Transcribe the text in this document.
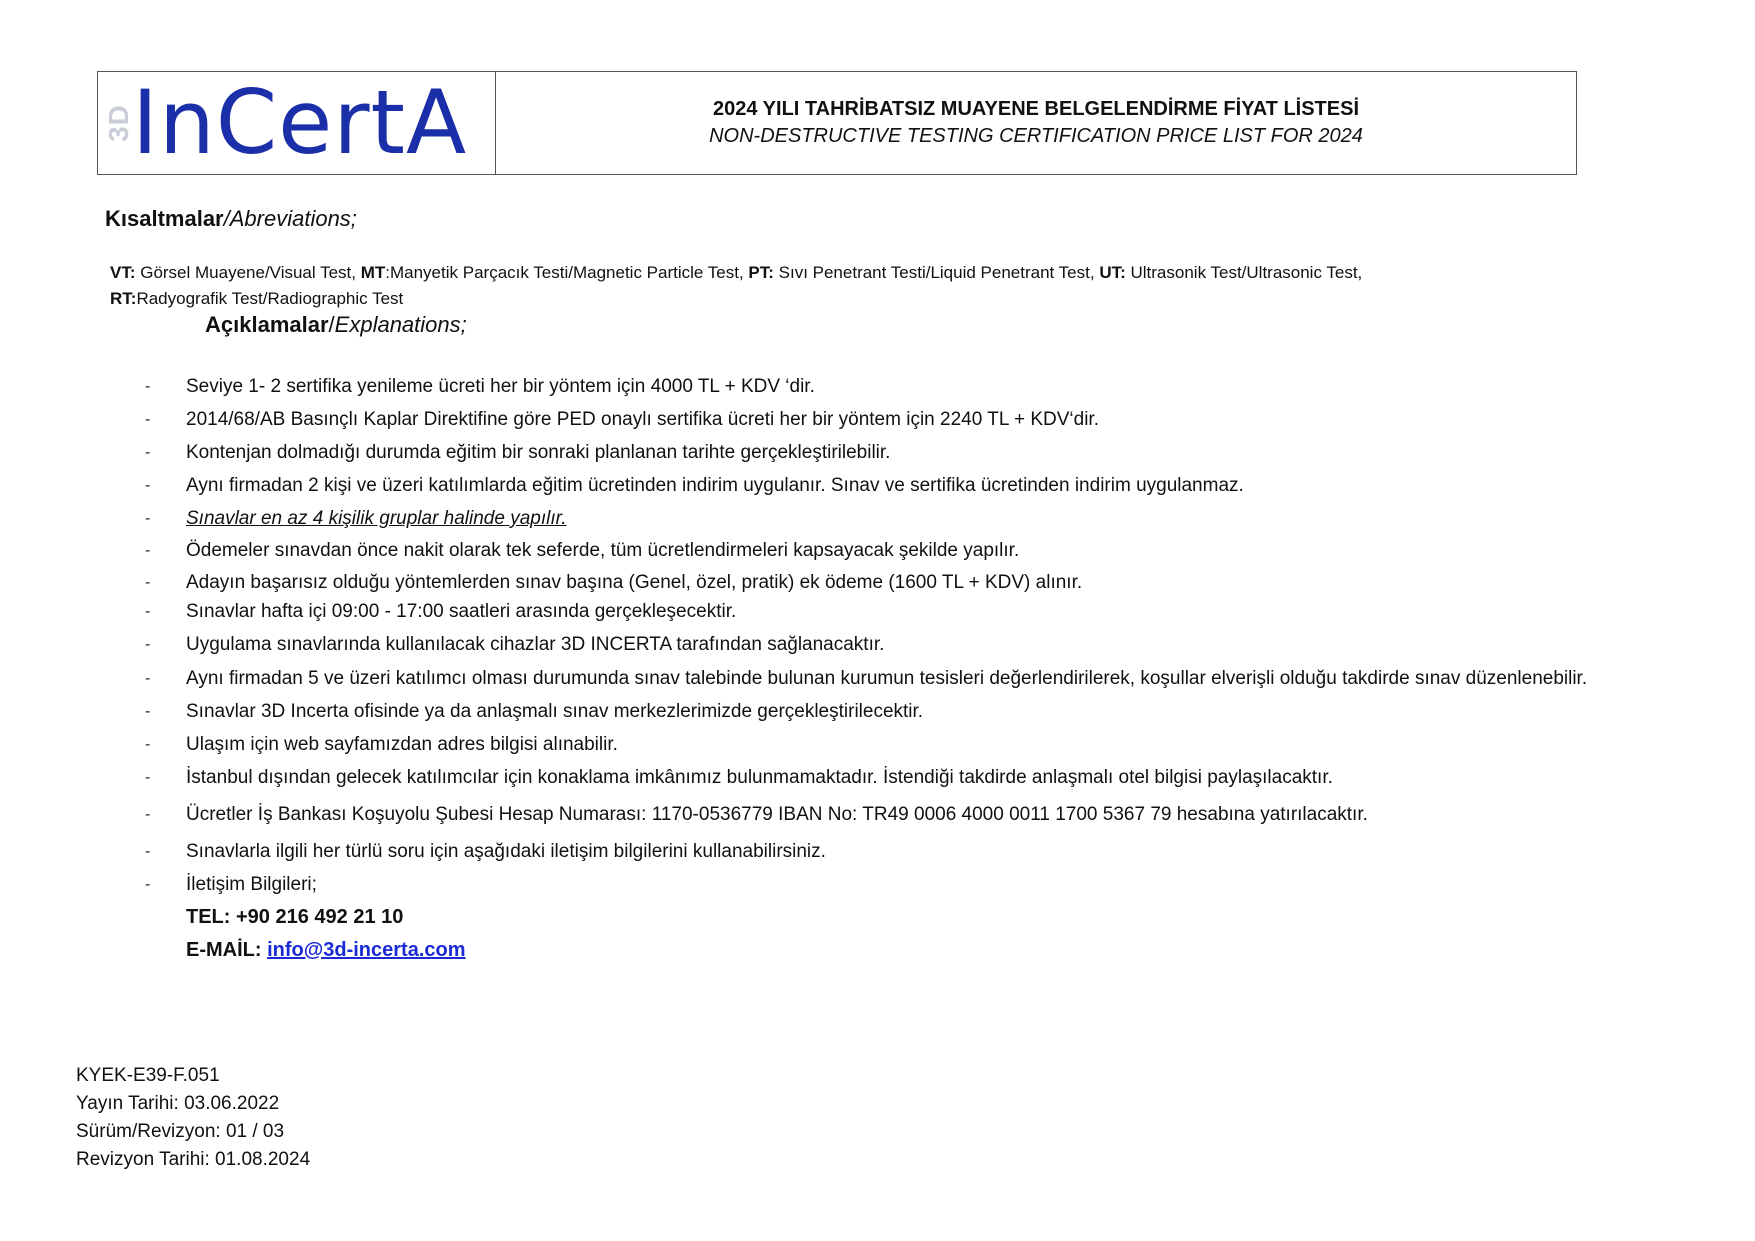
3D
InCertA	2024 YILI TAHRİBATSIZ MUAYENE BELGELENDİRME FİYAT LİSTESİ
NON-DESTRUCTIVE TESTING CERTIFICATION PRICE LIST FOR 2024
Kısaltmalar/Abreviations;
VT: Görsel Muayene/Visual Test, MT:Manyetik Parçacık Testi/Magnetic Particle Test, PT: Sıvı Penetrant Testi/Liquid Penetrant Test, UT: Ultrasonik Test/Ultrasonic Test,
RT:Radyografik Test/Radiographic Test
Açıklamalar/Explanations;
- Seviye 1- 2 sertifika yenileme ücreti her bir yöntem için 4000 TL + KDV ‘dir.
- 2014/68/AB Basınçlı Kaplar Direktifine göre PED onaylı sertifika ücreti her bir yöntem için 2240 TL + KDV‘dir.
- Kontenjan dolmadığı durumda eğitim bir sonraki planlanan tarihte gerçekleştirilebilir.
- Aynı firmadan 2 kişi ve üzeri katılımlarda eğitim ücretinden indirim uygulanır. Sınav ve sertifika ücretinden indirim uygulanmaz.
- Sınavlar en az 4 kişilik gruplar halinde yapılır.
- Ödemeler sınavdan önce nakit olarak tek seferde, tüm ücretlendirmeleri kapsayacak şekilde yapılır.
- Adayın başarısız olduğu yöntemlerden sınav başına (Genel, özel, pratik) ek ödeme (1600 TL + KDV) alınır.
- Sınavlar hafta içi 09:00 - 17:00 saatleri arasında gerçekleşecektir.
- Uygulama sınavlarında kullanılacak cihazlar 3D INCERTA tarafından sağlanacaktır.
- Aynı firmadan 5 ve üzeri katılımcı olması durumunda sınav talebinde bulunan kurumun tesisleri değerlendirilerek, koşullar elverişli olduğu takdirde sınav düzenlenebilir.
- Sınavlar 3D Incerta ofisinde ya da anlaşmalı sınav merkezlerimizde gerçekleştirilecektir.
- Ulaşım için web sayfamızdan adres bilgisi alınabilir.
- İstanbul dışından gelecek katılımcılar için konaklama imkânımız bulunmamaktadır. İstendiği takdirde anlaşmalı otel bilgisi paylaşılacaktır.
- Ücretler İş Bankası Koşuyolu Şubesi Hesap Numarası: 1170-0536779 IBAN No: TR49 0006 4000 0011 1700 5367 79 hesabına yatırılacaktır.
- Sınavlarla ilgili her türlü soru için aşağıdaki iletişim bilgilerini kullanabilirsiniz.
- İletişim Bilgileri;
TEL: +90 216 492 21 10
E-MAİL: info@3d-incerta.com
KYEK-E39-F.051
Yayın Tarihi: 03.06.2022
Sürüm/Revizyon: 01 / 03
Revizyon Tarihi: 01.08.2024
